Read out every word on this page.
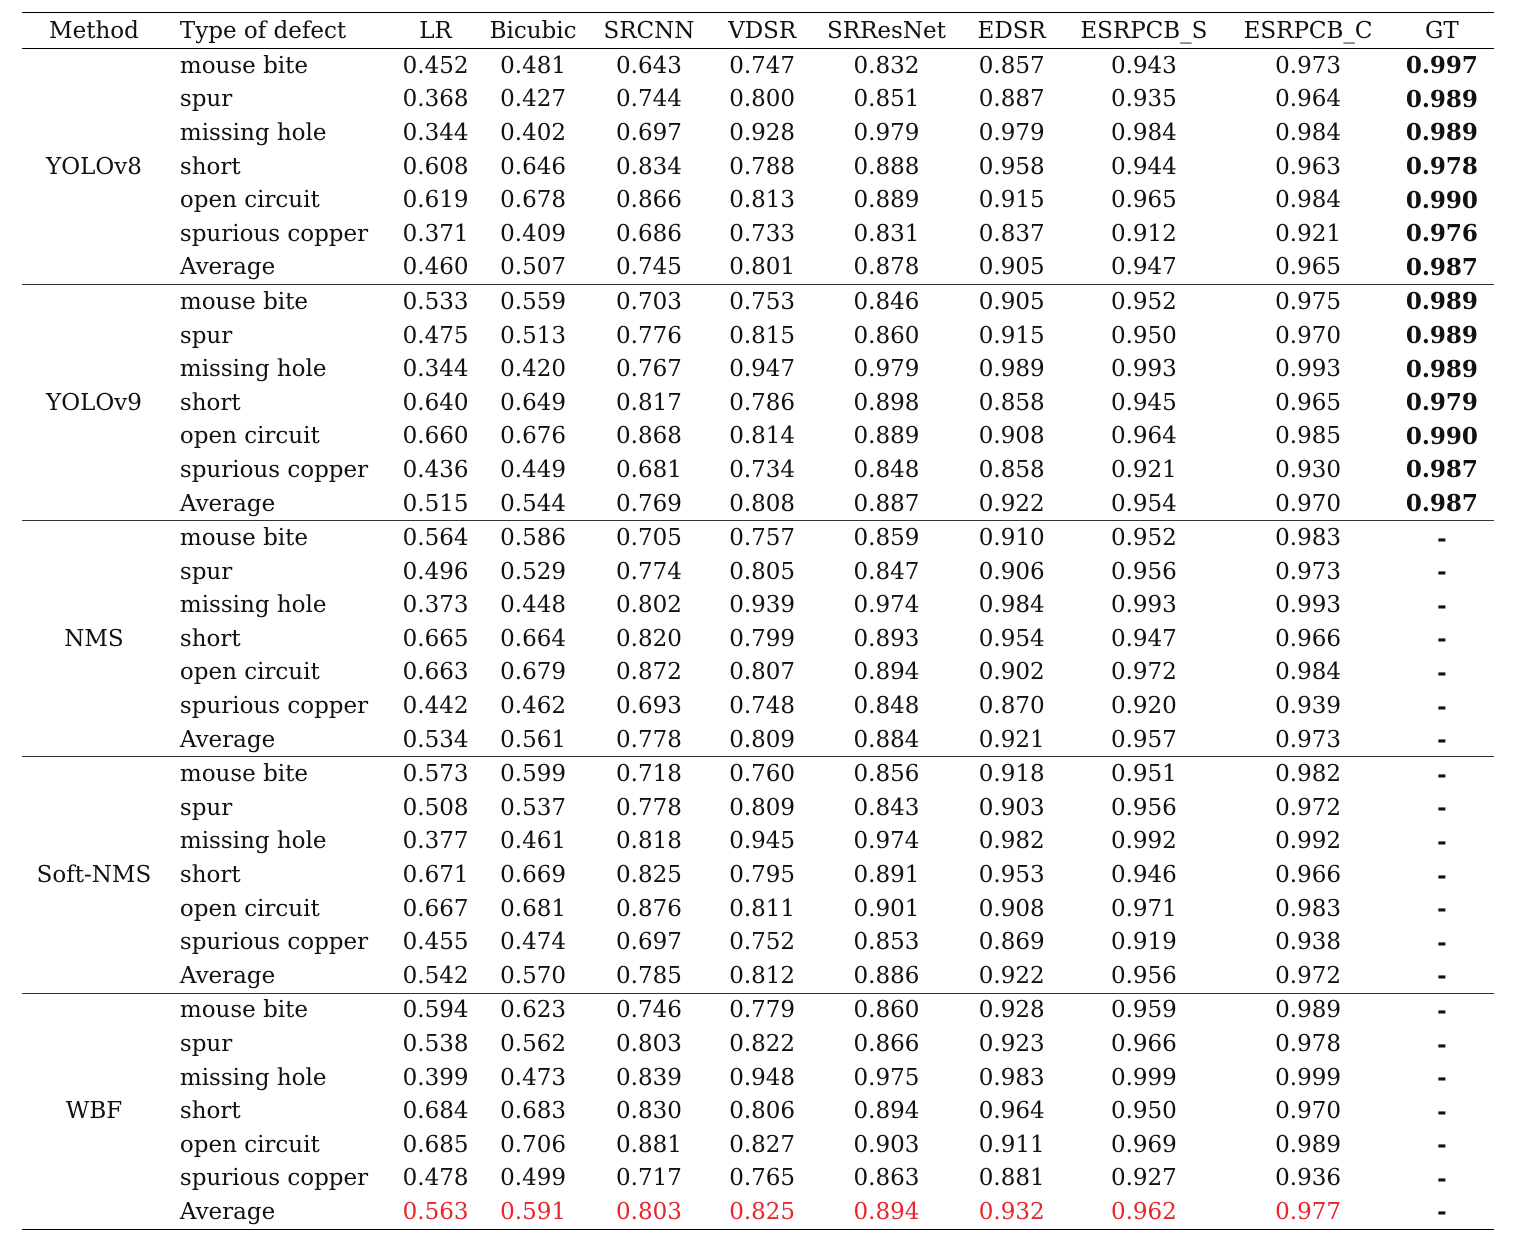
Method	Type of defect	LR	Bicubic	SRCNN	VDSR	SRResNet	EDSR	ESRPCB_S	ESRPCB_C	GT
YOLOv8	mouse bite	0.452	0.481	0.643	0.747	0.832	0.857	0.943	0.973	0.997
	spur	0.368	0.427	0.744	0.800	0.851	0.887	0.935	0.964	0.989
	missing hole	0.344	0.402	0.697	0.928	0.979	0.979	0.984	0.984	0.989
	short	0.608	0.646	0.834	0.788	0.888	0.958	0.944	0.963	0.978
	open circuit	0.619	0.678	0.866	0.813	0.889	0.915	0.965	0.984	0.990
	spurious copper	0.371	0.409	0.686	0.733	0.831	0.837	0.912	0.921	0.976
	Average	0.460	0.507	0.745	0.801	0.878	0.905	0.947	0.965	0.987
YOLOv9	mouse bite	0.533	0.559	0.703	0.753	0.846	0.905	0.952	0.975	0.989
	spur	0.475	0.513	0.776	0.815	0.860	0.915	0.950	0.970	0.989
	missing hole	0.344	0.420	0.767	0.947	0.979	0.989	0.993	0.993	0.989
	short	0.640	0.649	0.817	0.786	0.898	0.858	0.945	0.965	0.979
	open circuit	0.660	0.676	0.868	0.814	0.889	0.908	0.964	0.985	0.990
	spurious copper	0.436	0.449	0.681	0.734	0.848	0.858	0.921	0.930	0.987
	Average	0.515	0.544	0.769	0.808	0.887	0.922	0.954	0.970	0.987
NMS	mouse bite	0.564	0.586	0.705	0.757	0.859	0.910	0.952	0.983	-
	spur	0.496	0.529	0.774	0.805	0.847	0.906	0.956	0.973	-
	missing hole	0.373	0.448	0.802	0.939	0.974	0.984	0.993	0.993	-
	short	0.665	0.664	0.820	0.799	0.893	0.954	0.947	0.966	-
	open circuit	0.663	0.679	0.872	0.807	0.894	0.902	0.972	0.984	-
	spurious copper	0.442	0.462	0.693	0.748	0.848	0.870	0.920	0.939	-
	Average	0.534	0.561	0.778	0.809	0.884	0.921	0.957	0.973	-
Soft-NMS	mouse bite	0.573	0.599	0.718	0.760	0.856	0.918	0.951	0.982	-
	spur	0.508	0.537	0.778	0.809	0.843	0.903	0.956	0.972	-
	missing hole	0.377	0.461	0.818	0.945	0.974	0.982	0.992	0.992	-
	short	0.671	0.669	0.825	0.795	0.891	0.953	0.946	0.966	-
	open circuit	0.667	0.681	0.876	0.811	0.901	0.908	0.971	0.983	-
	spurious copper	0.455	0.474	0.697	0.752	0.853	0.869	0.919	0.938	-
	Average	0.542	0.570	0.785	0.812	0.886	0.922	0.956	0.972	-
WBF	mouse bite	0.594	0.623	0.746	0.779	0.860	0.928	0.959	0.989	-
	spur	0.538	0.562	0.803	0.822	0.866	0.923	0.966	0.978	-
	missing hole	0.399	0.473	0.839	0.948	0.975	0.983	0.999	0.999	-
	short	0.684	0.683	0.830	0.806	0.894	0.964	0.950	0.970	-
	open circuit	0.685	0.706	0.881	0.827	0.903	0.911	0.969	0.989	-
	spurious copper	0.478	0.499	0.717	0.765	0.863	0.881	0.927	0.936	-
	Average	0.563	0.591	0.803	0.825	0.894	0.932	0.962	0.977	-
